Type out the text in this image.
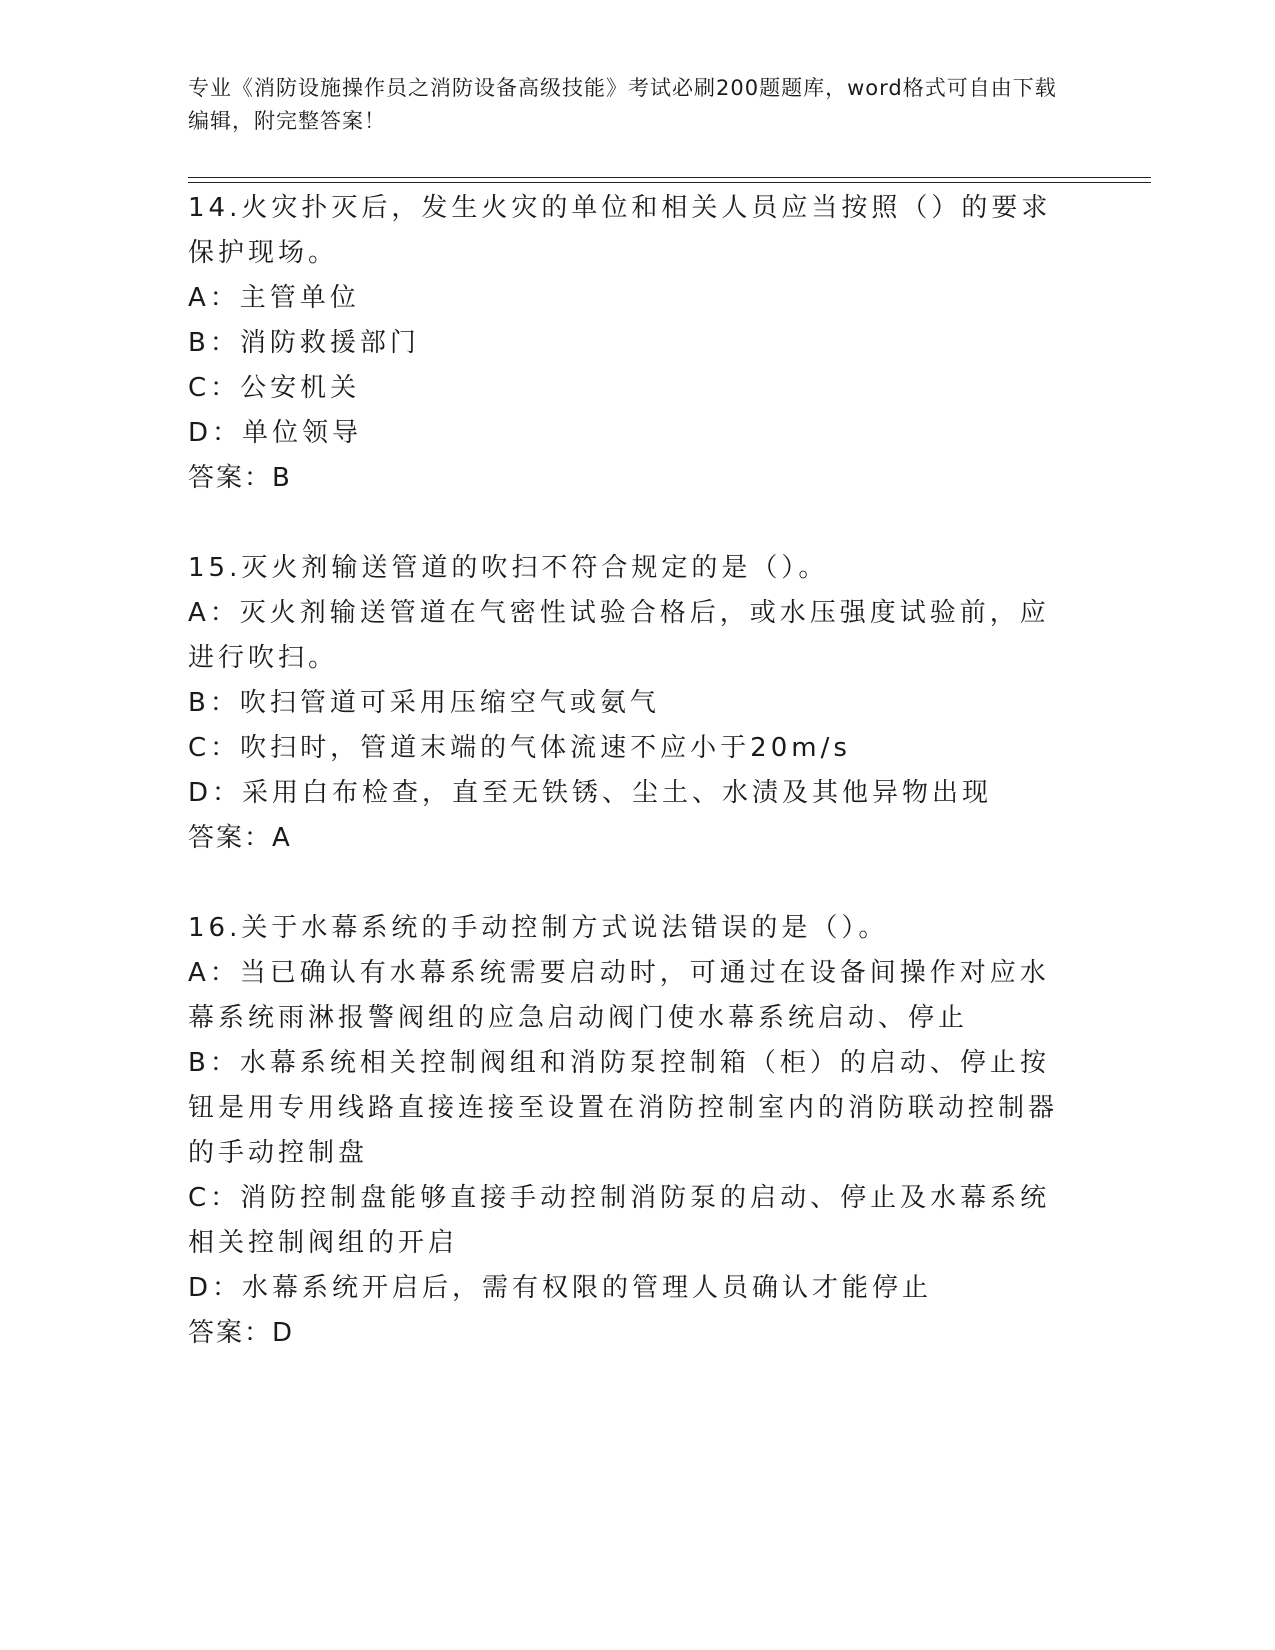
专业《消防设施操作员之消防设备高级技能》考试必刷200题题库，word格式可自由下载编辑，附完整答案！
14.火灾扑灭后，发生火灾的单位和相关人员应当按照（）的要求保护现场。
A：主管单位
B：消防救援部门
C：公安机关
D：单位领导
答案：B
15.灭火剂输送管道的吹扫不符合规定的是（）。
A：灭火剂输送管道在气密性试验合格后，或水压强度试验前，应进行吹扫。
B：吹扫管道可采用压缩空气或氨气
C：吹扫时，管道末端的气体流速不应小于20m/s
D：采用白布检查，直至无铁锈、尘土、水渍及其他异物出现
答案：A
16.关于水幕系统的手动控制方式说法错误的是（）。
A：当已确认有水幕系统需要启动时，可通过在设备间操作对应水幕系统雨淋报警阀组的应急启动阀门使水幕系统启动、停止
B：水幕系统相关控制阀组和消防泵控制箱（柜）的启动、停止按钮是用专用线路直接连接至设置在消防控制室内的消防联动控制器的手动控制盘
C：消防控制盘能够直接手动控制消防泵的启动、停止及水幕系统相关控制阀组的开启
D：水幕系统开启后，需有权限的管理人员确认才能停止
答案：D
